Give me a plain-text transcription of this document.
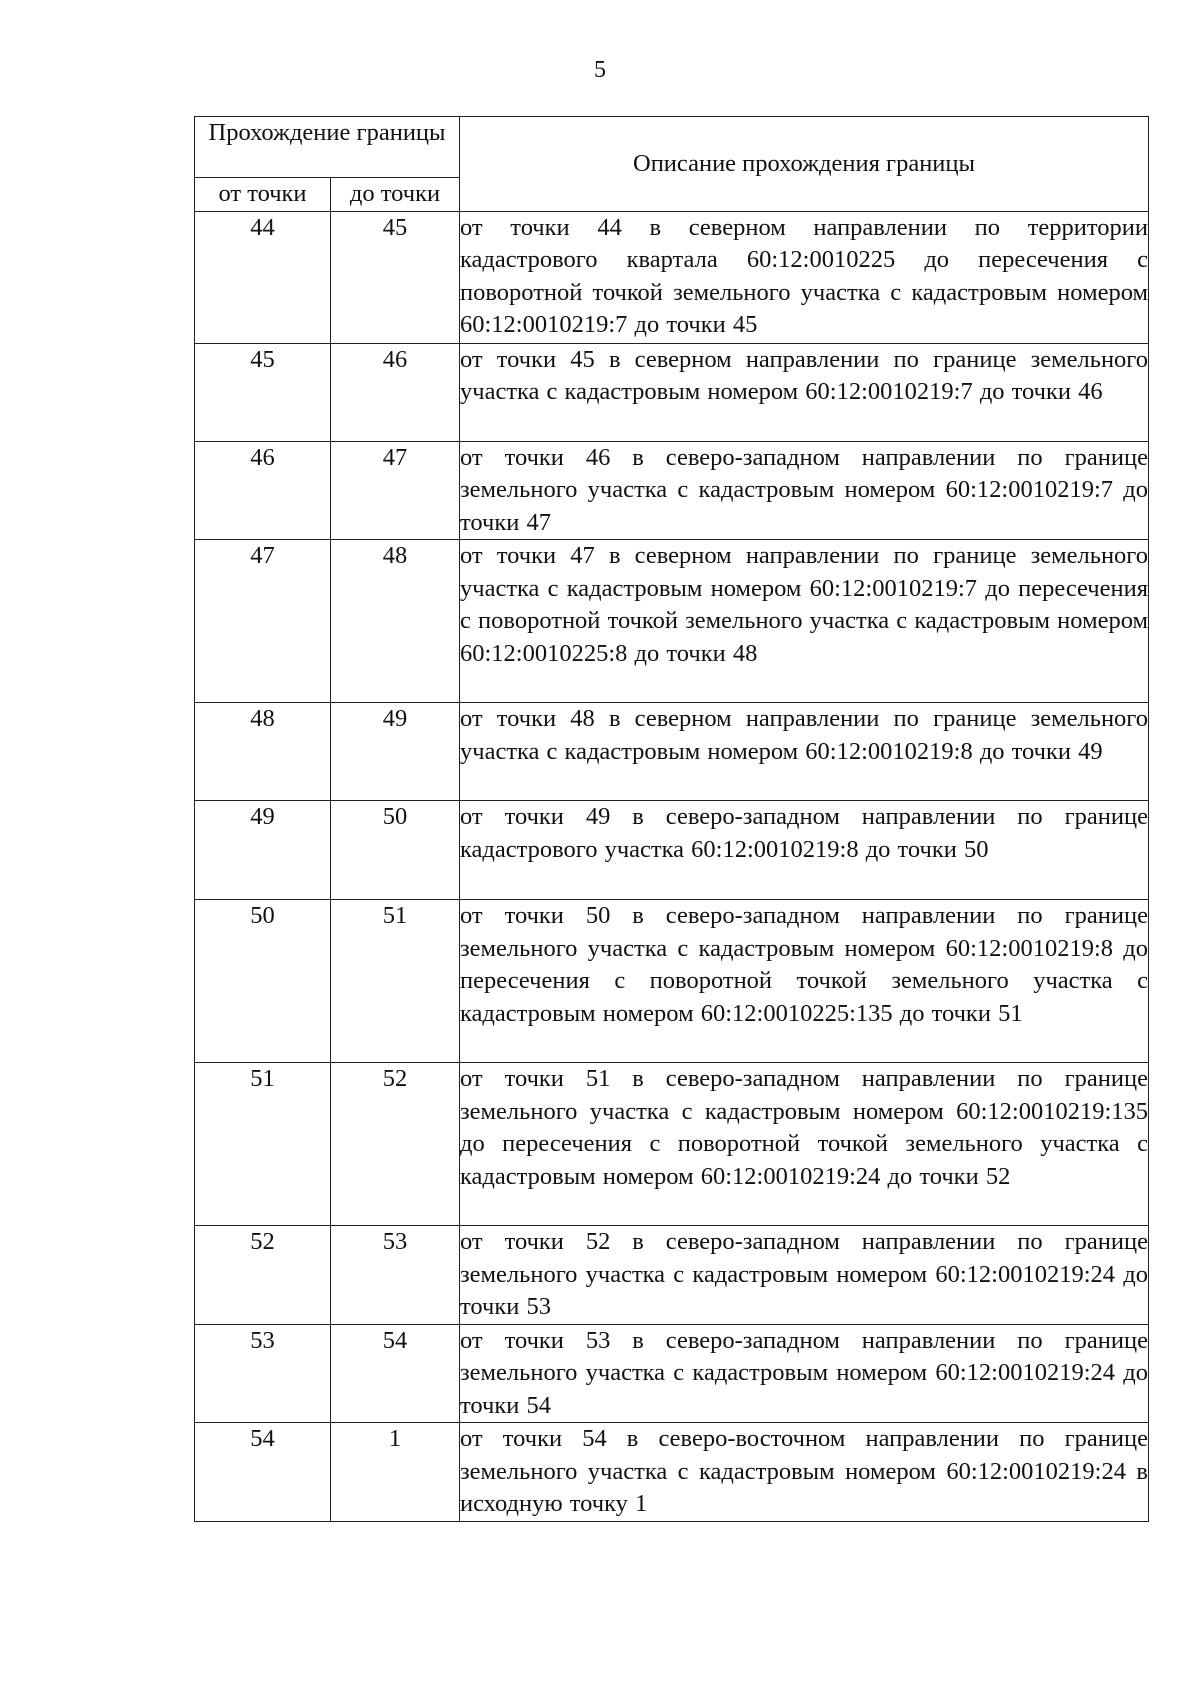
5
Прохождение границы		Описание прохождения границы
от точки	до точки	
44	45	от точки 44 в северном направлении по территории кадастрового квартала 60:12:0010225 до пересечения с поворотной точкой земельного участка с кадастровым номером 60:12:0010219:7 до точки 45
45	46	от точки 45 в северном направлении по границе земельного участка с кадастровым номером 60:12:0010219:7 до точки 46
46	47	от точки 46 в северо-западном направлении по границе земельного участка с кадастровым номером 60:12:0010219:7 до точки 47
47	48	от точки 47 в северном направлении по границе земельного участка с кадастровым номером 60:12:0010219:7 до пересечения с поворотной точкой земельного участка с кадастровым номером 60:12:0010225:8 до точки 48
48	49	от точки 48 в северном направлении по границе земельного участка с кадастровым номером 60:12:0010219:8 до точки 49
49	50	от точки 49 в северо-западном направлении по границе кадастрового участка 60:12:0010219:8 до точки 50
50	51	от точки 50 в северо-западном направлении по границе земельного участка с кадастровым номером 60:12:0010219:8 до пересечения с поворотной точкой земельного участка с кадастровым номером 60:12:0010225:135 до точки 51
51	52	от точки 51 в северо-западном направлении по границе земельного участка с кадастровым номером 60:12:0010219:135 до пересечения с поворотной точкой земельного участка с кадастровым номером 60:12:0010219:24 до точки 52
52	53	от точки 52 в северо-западном направлении по границе земельного участка с кадастровым номером 60:12:0010219:24 до точки 53
53	54	от точки 53 в северо-западном направлении по границе земельного участка с кадастровым номером 60:12:0010219:24 до точки 54
54	1	от точки 54 в северо-восточном направлении по границе земельного участка с кадастровым номером 60:12:0010219:24 в исходную точку 1
